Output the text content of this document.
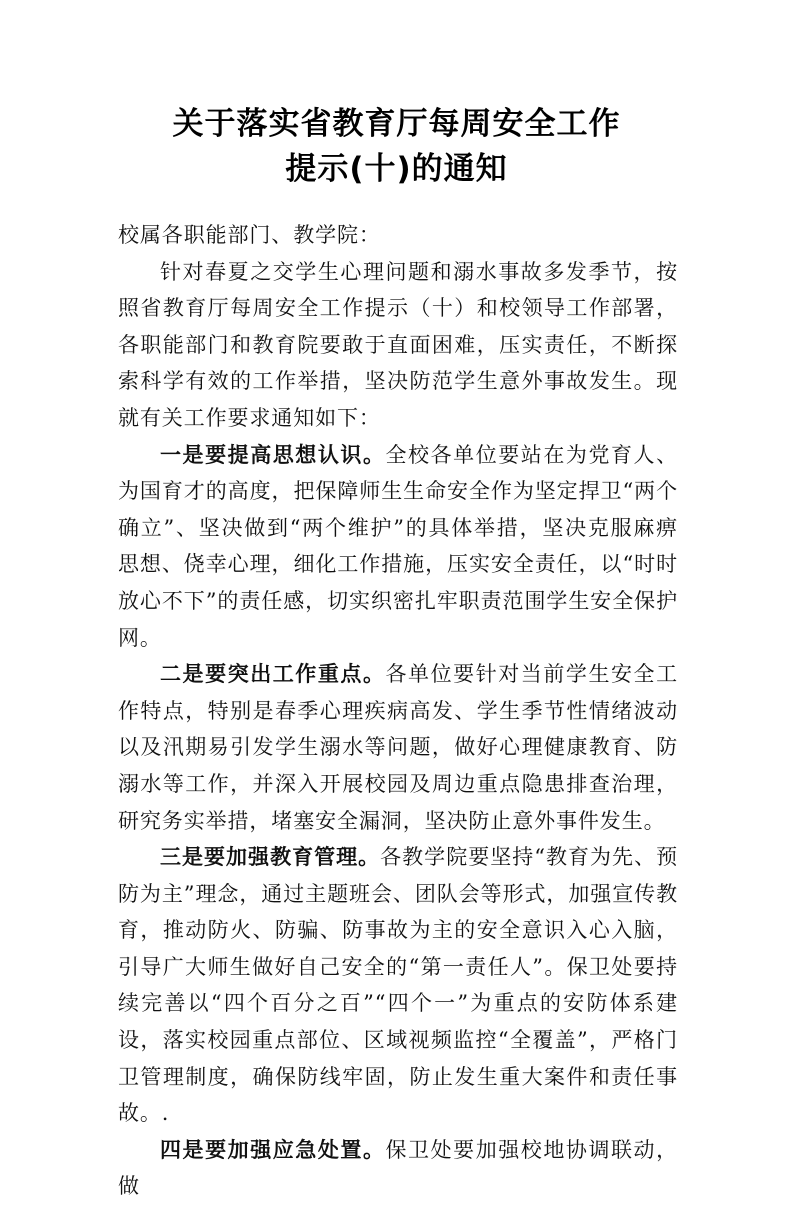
关于落实省教育厅每周安全工作
提示(十)的通知

校属各职能部门、教学院：

针对春夏之交学生心理问题和溺水事故多发季节，按照省教育厅每周安全工作提示（十）和校领导工作部署，各职能部门和教育院要敢于直面困难，压实责任，不断探索科学有效的工作举措，坚决防范学生意外事故发生。现就有关工作要求通知如下：

一是要提高思想认识。全校各单位要站在为党育人、为国育才的高度，把保障师生生命安全作为坚定捍卫“两个确立”、坚决做到“两个维护”的具体举措，坚决克服麻痹思想、侥幸心理，细化工作措施，压实安全责任，以“时时放心不下”的责任感，切实织密扎牢职责范围学生安全保护网。

二是要突出工作重点。各单位要针对当前学生安全工作特点，特别是春季心理疾病高发、学生季节性情绪波动以及汛期易引发学生溺水等问题，做好心理健康教育、防溺水等工作，并深入开展校园及周边重点隐患排查治理，研究务实举措，堵塞安全漏洞，坚决防止意外事件发生。

三是要加强教育管理。各教学院要坚持“教育为先、预防为主”理念，通过主题班会、团队会等形式，加强宣传教育，推动防火、防骗、防事故为主的安全意识入心入脑，引导广大师生做好自己安全的“第一责任人”。保卫处要持续完善以“四个百分之百”“四个一”为重点的安防体系建设，落实校园重点部位、区域视频监控“全覆盖”，严格门卫管理制度，确保防线牢固，防止发生重大案件和责任事故。.

四是要加强应急处置。保卫处要加强校地协调联动，做
